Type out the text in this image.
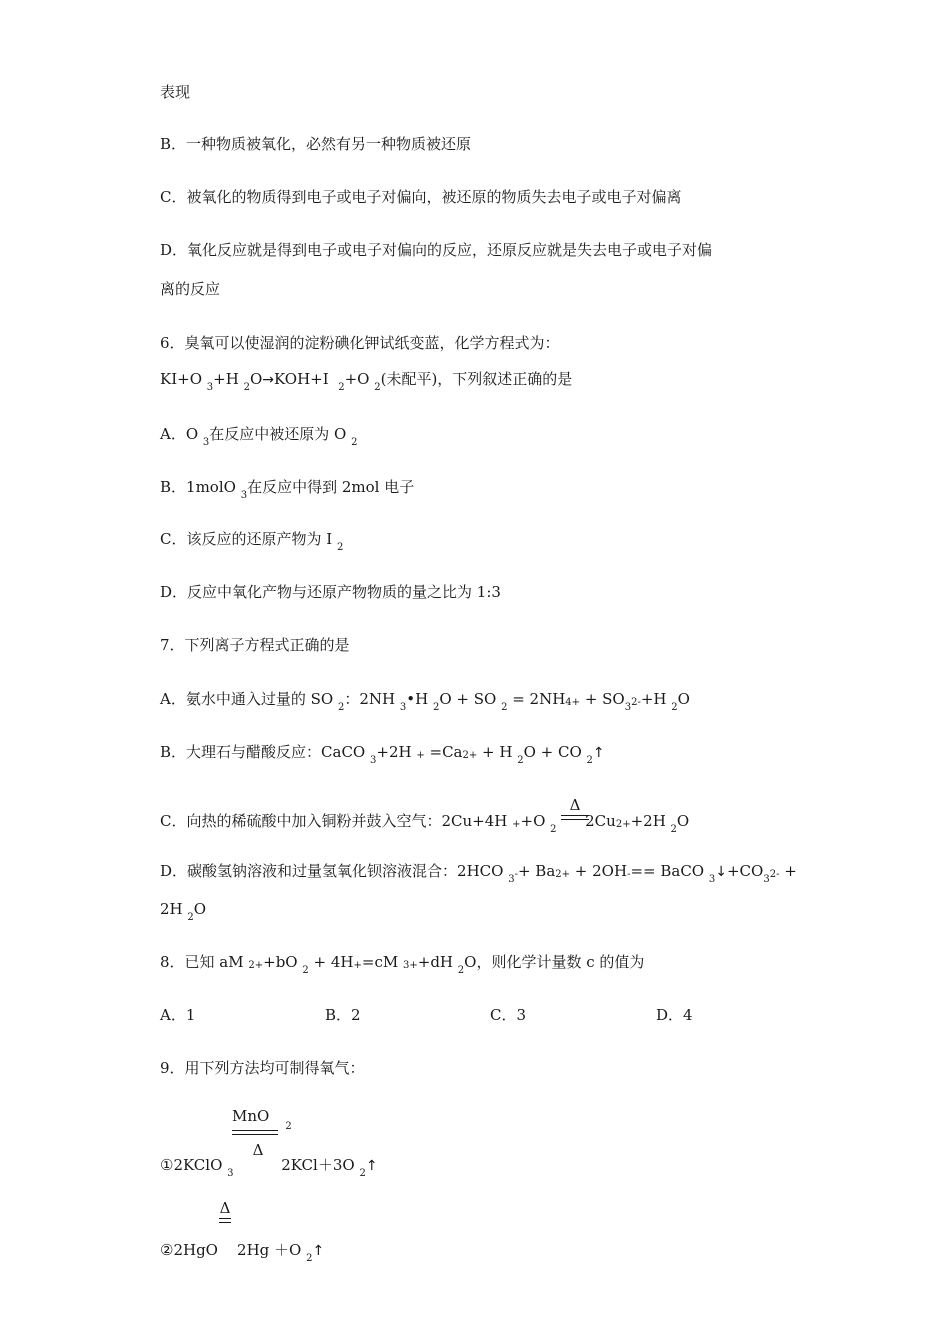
表现
B．一种物质被氧化，必然有另一种物质被还原
C．被氧化的物质得到电子或电子对偏向，被还原的物质失去电子或电子对偏离
D．氧化反应就是得到电子或电子对偏向的反应，还原反应就是失去电子或电子对偏
离的反应
6．臭氧可以使湿润的淀粉碘化钾试纸变蓝，化学方程式为：
KI+O $_3$+H $_2$O→KOH+I  $_2$+O $_2$(未配平)，下列叙述正确的是
A．O $_3$在反应中被还原为 O $_2$
B．1molO $_3$在反应中得到 2mol 电子
C．该反应的还原产物为 I $_2$
D．反应中氧化产物与还原产物物质的量之比为 1:3
7．下列离子方程式正确的是
A．氨水中通入过量的 SO $_2$：2NH $_3$•H $_2$O + SO $_2 = 2NH4+ + SO_32-+H$ $_2$O
B．大理石与醋酸反应：CaCO $_3$+2H + =Ca2+ + H $_2$O + CO $_2$↑
C．向热的稀硫酸中加入铜粉并鼓入空气：2Cu+4H ++O $_2$ 2Cu2++2H $_2$O
D．碳酸氢钠溶液和过量氢氧化钡溶液混合：2HCO $_3$-+ Ba2+ + 2OH-== BaCO $_3↓+CO_32-$ +
2H $_2$O
8．已知 aM 2++bO $_2$ + 4H+=cM 3++dH $_2$O，则化学计量数 c 的值为
9．用下列方法均可制得氧气：
①2KClO $_3$          2KCl＋3O $_2$↑
②2HgO    2Hg ＋O $_2$↑
A．1	B．2	C．3	D．4
Δ
MnO$_2$
Δ
Δ
